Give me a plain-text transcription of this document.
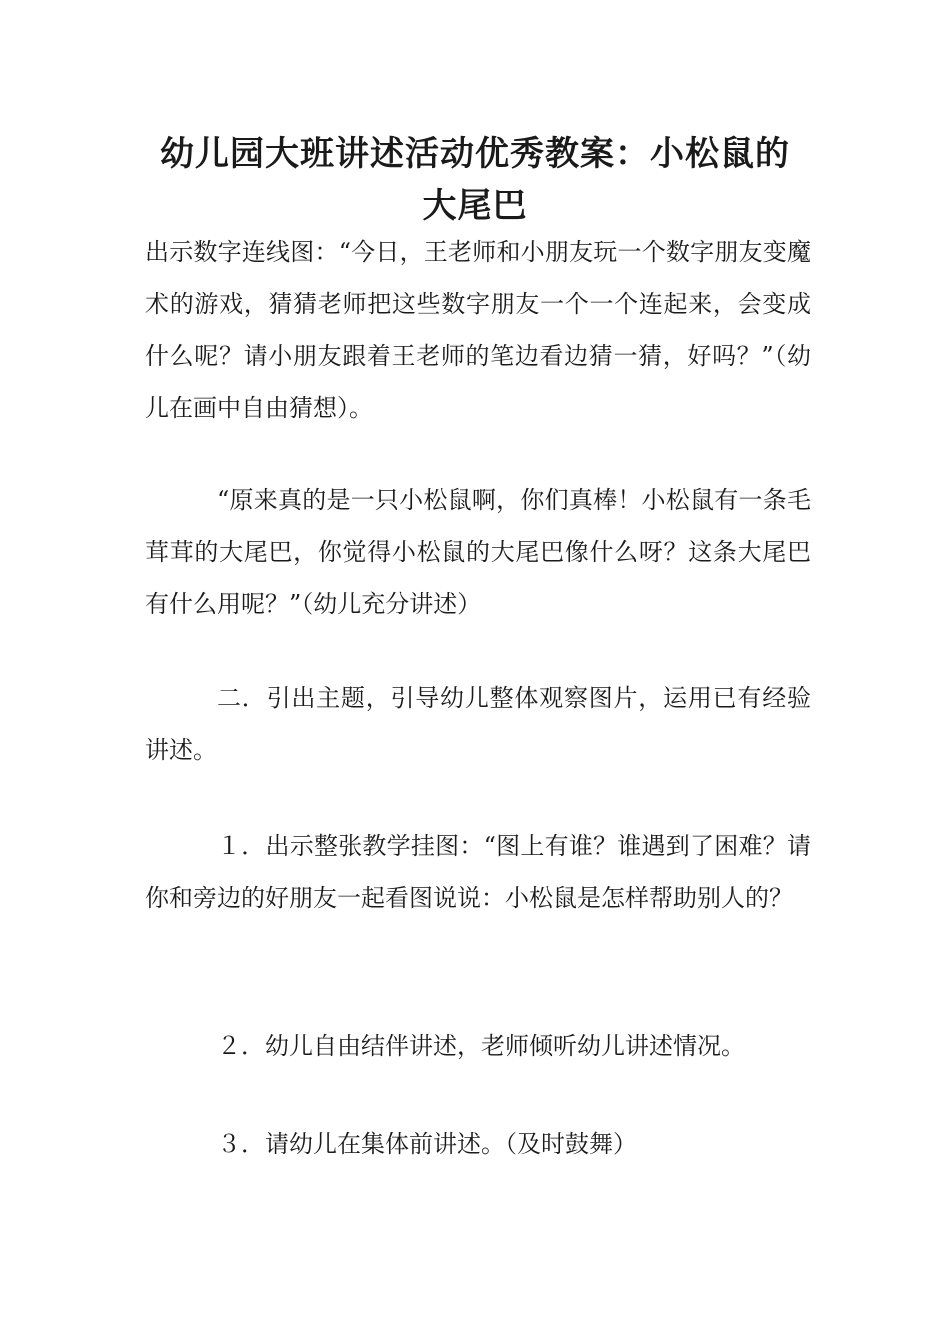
幼儿园大班讲述活动优秀教案：小松鼠的大尾巴

出示数字连线图：“今日，王老师和小朋友玩一个数字朋友变魔术的游戏，猜猜老师把这些数字朋友一个一个连起来，会变成什么呢？请小朋友跟着王老师的笔边看边猜一猜，好吗？”（幼儿在画中自由猜想）。

“原来真的是一只小松鼠啊，你们真棒！小松鼠有一条毛茸茸的大尾巴，你觉得小松鼠的大尾巴像什么呀？这条大尾巴有什么用呢？”（幼儿充分讲述）

二．引出主题，引导幼儿整体观察图片，运用已有经验讲述。

１．出示整张教学挂图：“图上有谁？谁遇到了困难？请你和旁边的好朋友一起看图说说：小松鼠是怎样帮助别人的？

２．幼儿自由结伴讲述，老师倾听幼儿讲述情况。

３．请幼儿在集体前讲述。（及时鼓舞）
